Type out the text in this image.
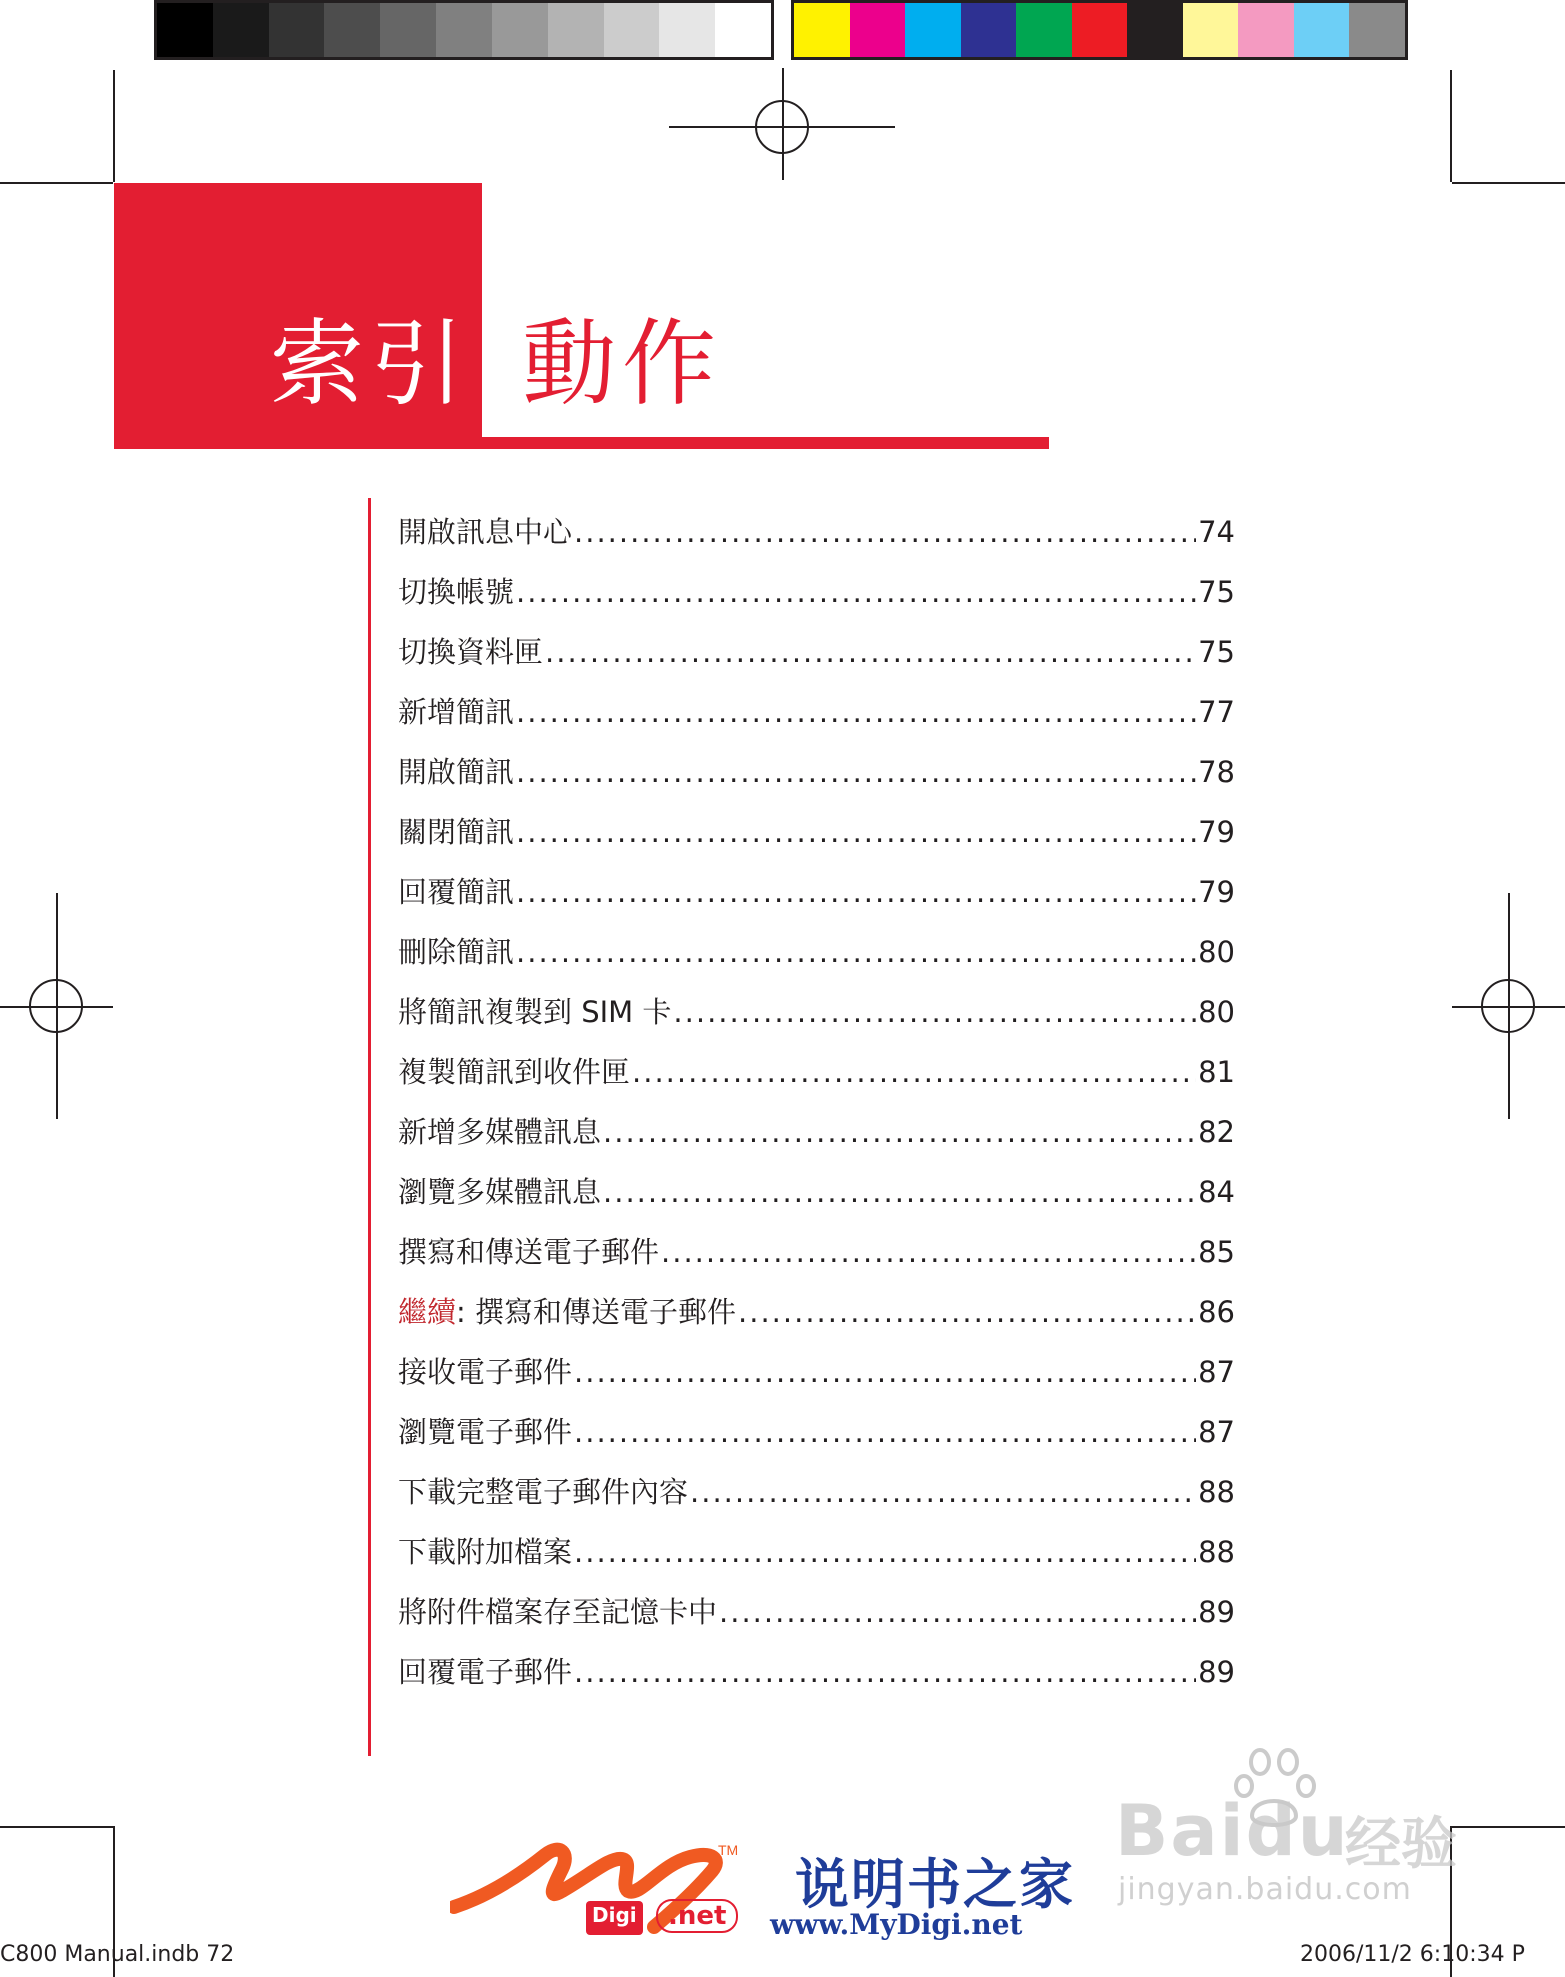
索引 動作
開啟訊息中心 .....	74
切換帳號 .....	75
切換資料匣 .....	75
新增簡訊 .....	77
開啟簡訊 .....	78
關閉簡訊 .....	79
回覆簡訊 .....	79
刪除簡訊 .....	80
將簡訊複製到 SIM 卡 .....	80
複製簡訊到收件匣 .....	81
新增多媒體訊息 .....	82
瀏覽多媒體訊息 .....	84
撰寫和傳送電子郵件 .....	85
繼續: 撰寫和傳送電子郵件 .....	86
接收電子郵件 .....	87
瀏覽電子郵件 .....	87
下載完整電子郵件內容 .....	88
下載附加檔案 .....	88
將附件檔案存至記憶卡中 .....	89
回覆電子郵件 .....	89
C800 Manual.indb 72	2006/11/2 6:10:34 P
TM
Digi	.net 说明书之家
www.MyDigi.net
Baidu
经验
jingyan.baidu.com
